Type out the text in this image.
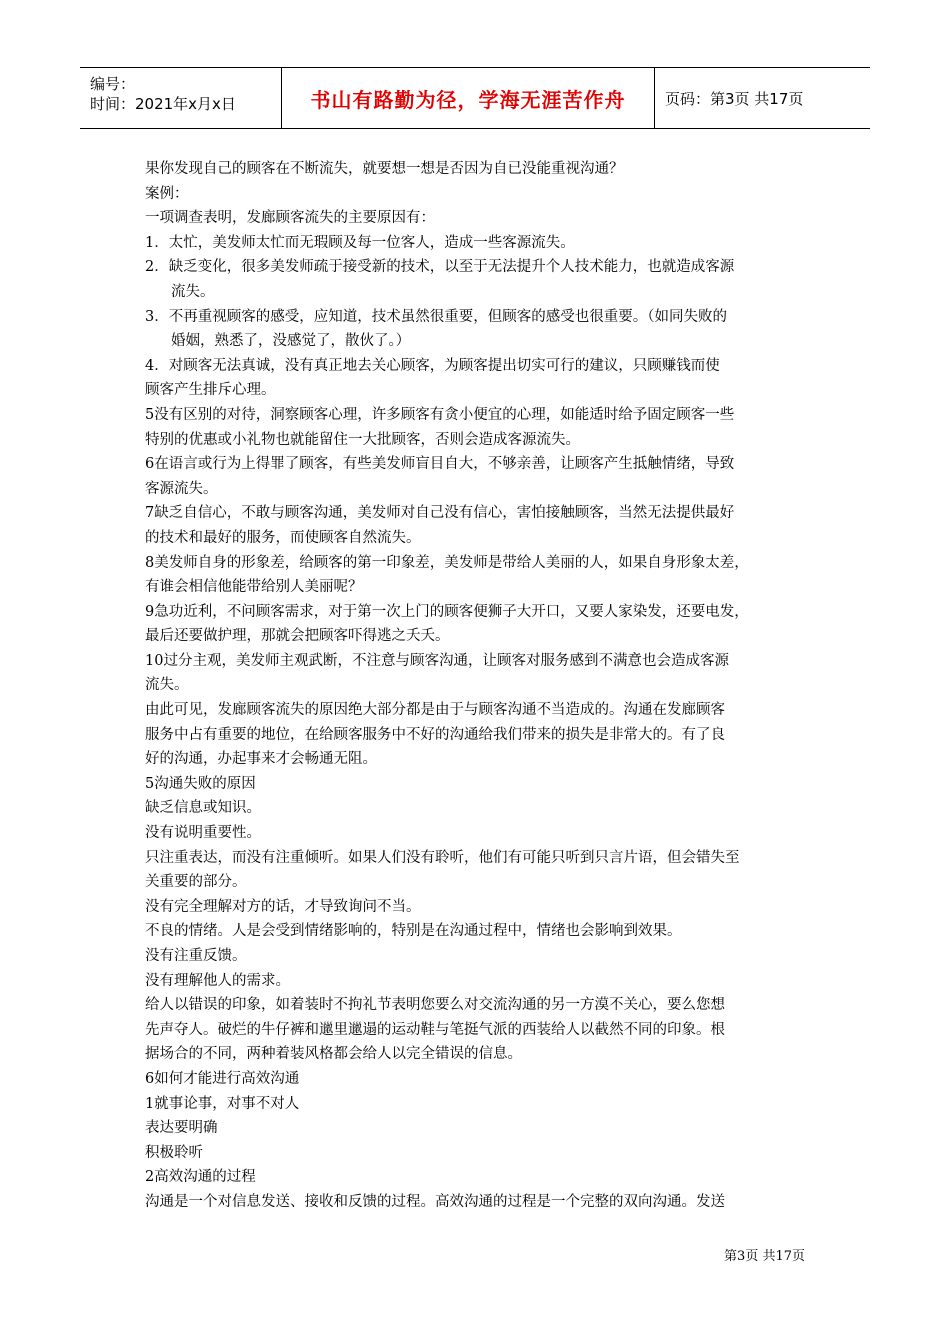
编号：
时间：2021年x月x日	书山有路勤为径，学海无涯苦作舟	页码：第3页 共17页

果你发现自己的顾客在不断流失，就要想一想是否因为自已没能重视沟通？

案例：

一项调查表明，发廊顾客流失的主要原因有：

1．太忙，美发师太忙而无瑕顾及每一位客人，造成一些客源流失。

2．缺乏变化，很多美发师疏于接受新的技术，以至于无法提升个人技术能力，也就造成客源

流失。

3．不再重视顾客的感受，应知道，技术虽然很重要，但顾客的感受也很重要。（如同失败的

婚姻，熟悉了，没感觉了，散伙了。）

4．对顾客无法真诚，没有真正地去关心顾客，为顾客提出切实可行的建议，只顾赚钱而使

顾客产生排斥心理。

5没有区别的对待，洞察顾客心理，许多顾客有贪小便宜的心理，如能适时给予固定顾客一些

特别的优惠或小礼物也就能留住一大批顾客，否则会造成客源流失。

6在语言或行为上得罪了顾客，有些美发师盲目自大，不够亲善，让顾客产生抵触情绪，导致

客源流失。

7缺乏自信心，不敢与顾客沟通，美发师对自己没有信心，害怕接触顾客，当然无法提供最好

的技术和最好的服务，而使顾客自然流失。

8美发师自身的形象差，给顾客的第一印象差，美发师是带给人美丽的人，如果自身形象太差，

有谁会相信他能带给别人美丽呢？

9急功近利，不问顾客需求，对于第一次上门的顾客便狮子大开口，又要人家染发，还要电发，

最后还要做护理，那就会把顾客吓得逃之夭夭。

10过分主观，美发师主观武断，不注意与顾客沟通，让顾客对服务感到不满意也会造成客源

流失。

由此可见，发廊顾客流失的原因绝大部分都是由于与顾客沟通不当造成的。沟通在发廊顾客

服务中占有重要的地位，在给顾客服务中不好的沟通给我们带来的损失是非常大的。有了良

好的沟通，办起事来才会畅通无阻。

5沟通失败的原因

缺乏信息或知识。

没有说明重要性。

只注重表达，而没有注重倾听。如果人们没有聆听，他们有可能只听到只言片语，但会错失至

关重要的部分。

没有完全理解对方的话，才导致询问不当。

不良的情绪。人是会受到情绪影响的，特别是在沟通过程中，情绪也会影响到效果。

没有注重反馈。

没有理解他人的需求。

给人以错误的印象，如着装时不拘礼节表明您要么对交流沟通的另一方漠不关心，要么您想

先声夺人。破烂的牛仔裤和邋里邋遢的运动鞋与笔挺气派的西装给人以截然不同的印象。根

据场合的不同，两种着装风格都会给人以完全错误的信息。

6如何才能进行高效沟通

1就事论事，对事不对人

表达要明确

积极聆听

2高效沟通的过程

沟通是一个对信息发送、接收和反馈的过程。高效沟通的过程是一个完整的双向沟通。发送

第3页 共17页
